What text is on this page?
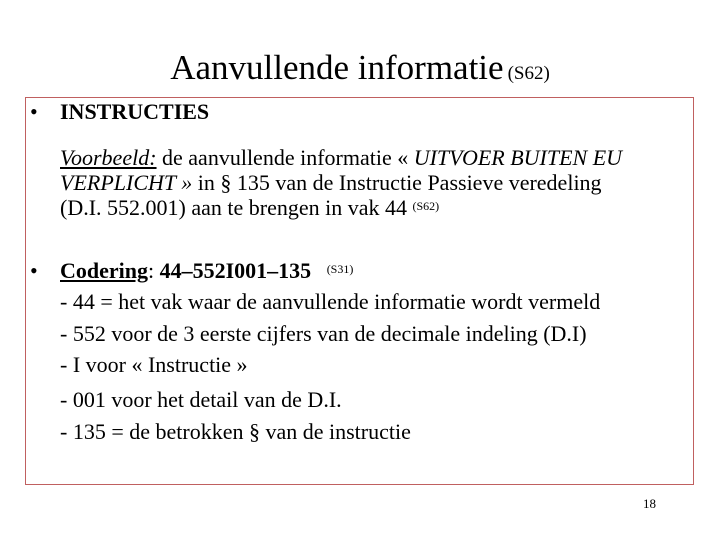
Aanvullende informatie $^{(S62)}$
• INSTRUCTIES
Voorbeeld: de aanvullende informatie « UITVOER BUITEN EU
VERPLICHT » in § 135 van de Instructie Passieve veredeling
(D.I. 552.001) aan te brengen in vak 44 $^{(S62)}$
• Codering: 44–552I001–135 $^{(S31)}$
- 44 = het vak waar de aanvullende informatie wordt vermeld
- 552 voor de 3 eerste cijfers van de decimale indeling (D.I)
- I voor « Instructie »
- 001 voor het detail van de D.I.
- 135 = de betrokken § van de instructie
18
